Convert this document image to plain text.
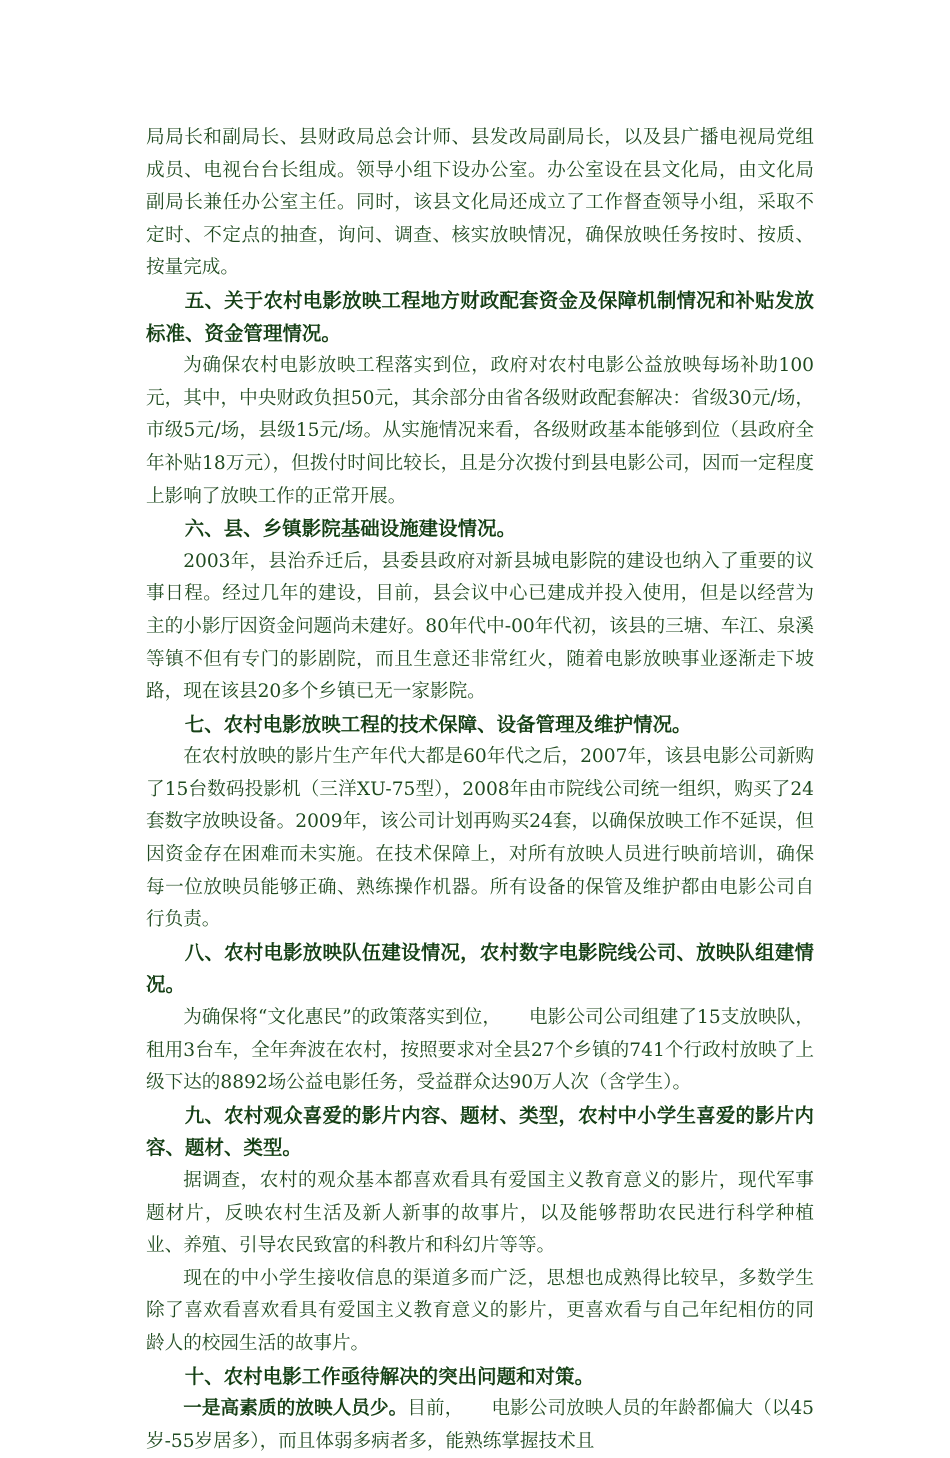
局局长和副局长、县财政局总会计师、县发改局副局长，以及县广播电视局党组成员、电视台台长组成。领导小组下设办公室。办公室设在县文化局，由文化局副局长兼任办公室主任。同时，该县文化局还成立了工作督查领导小组，采取不定时、不定点的抽查，询问、调查、核实放映情况，确保放映任务按时、按质、按量完成。

五、关于农村电影放映工程地方财政配套资金及保障机制情况和补贴发放标准、资金管理情况。

为确保农村电影放映工程落实到位，政府对农村电影公益放映每场补助100元，其中，中央财政负担50元，其余部分由省各级财政配套解决：省级30元/场，市级5元/场，县级15元/场。从实施情况来看，各级财政基本能够到位（县政府全年补贴18万元），但拨付时间比较长，且是分次拨付到县电影公司，因而一定程度上影响了放映工作的正常开展。

六、县、乡镇影院基础设施建设情况。

2003年，县治乔迁后，县委县政府对新县城电影院的建设也纳入了重要的议事日程。经过几年的建设，目前，县会议中心已建成并投入使用，但是以经营为主的小影厅因资金问题尚未建好。80年代中-00年代初，该县的三塘、车江、泉溪等镇不但有专门的影剧院，而且生意还非常红火，随着电影放映事业逐渐走下坡路，现在该县20多个乡镇已无一家影院。

七、农村电影放映工程的技术保障、设备管理及维护情况。

在农村放映的影片生产年代大都是60年代之后，2007年，该县电影公司新购了15台数码投影机（三洋XU-75型），2008年由市院线公司统一组织，购买了24套数字放映设备。2009年，该公司计划再购买24套，以确保放映工作不延误，但因资金存在困难而未实施。在技术保障上，对所有放映人员进行映前培训，确保每一位放映员能够正确、熟练操作机器。所有设备的保管及维护都由电影公司自行负责。

八、农村电影放映队伍建设情况，农村数字电影院线公司、放映队组建情况。

为确保将“文化惠民”的政策落实到位，　　电影公司公司组建了15支放映队，租用3台车，全年奔波在农村，按照要求对全县27个乡镇的741个行政村放映了上级下达的8892场公益电影任务，受益群众达90万人次（含学生）。

九、农村观众喜爱的影片内容、题材、类型，农村中小学生喜爱的影片内容、题材、类型。

据调查，农村的观众基本都喜欢看具有爱国主义教育意义的影片，现代军事题材片，反映农村生活及新人新事的故事片，以及能够帮助农民进行科学种植业、养殖、引导农民致富的科教片和科幻片等等。

现在的中小学生接收信息的渠道多而广泛，思想也成熟得比较早，多数学生除了喜欢看喜欢看具有爱国主义教育意义的影片，更喜欢看与自己年纪相仿的同龄人的校园生活的故事片。

十、农村电影工作亟待解决的突出问题和对策。

一是高素质的放映人员少。目前，　　电影公司放映人员的年龄都偏大（以45岁-55岁居多），而且体弱多病者多，能熟练掌握技术且
